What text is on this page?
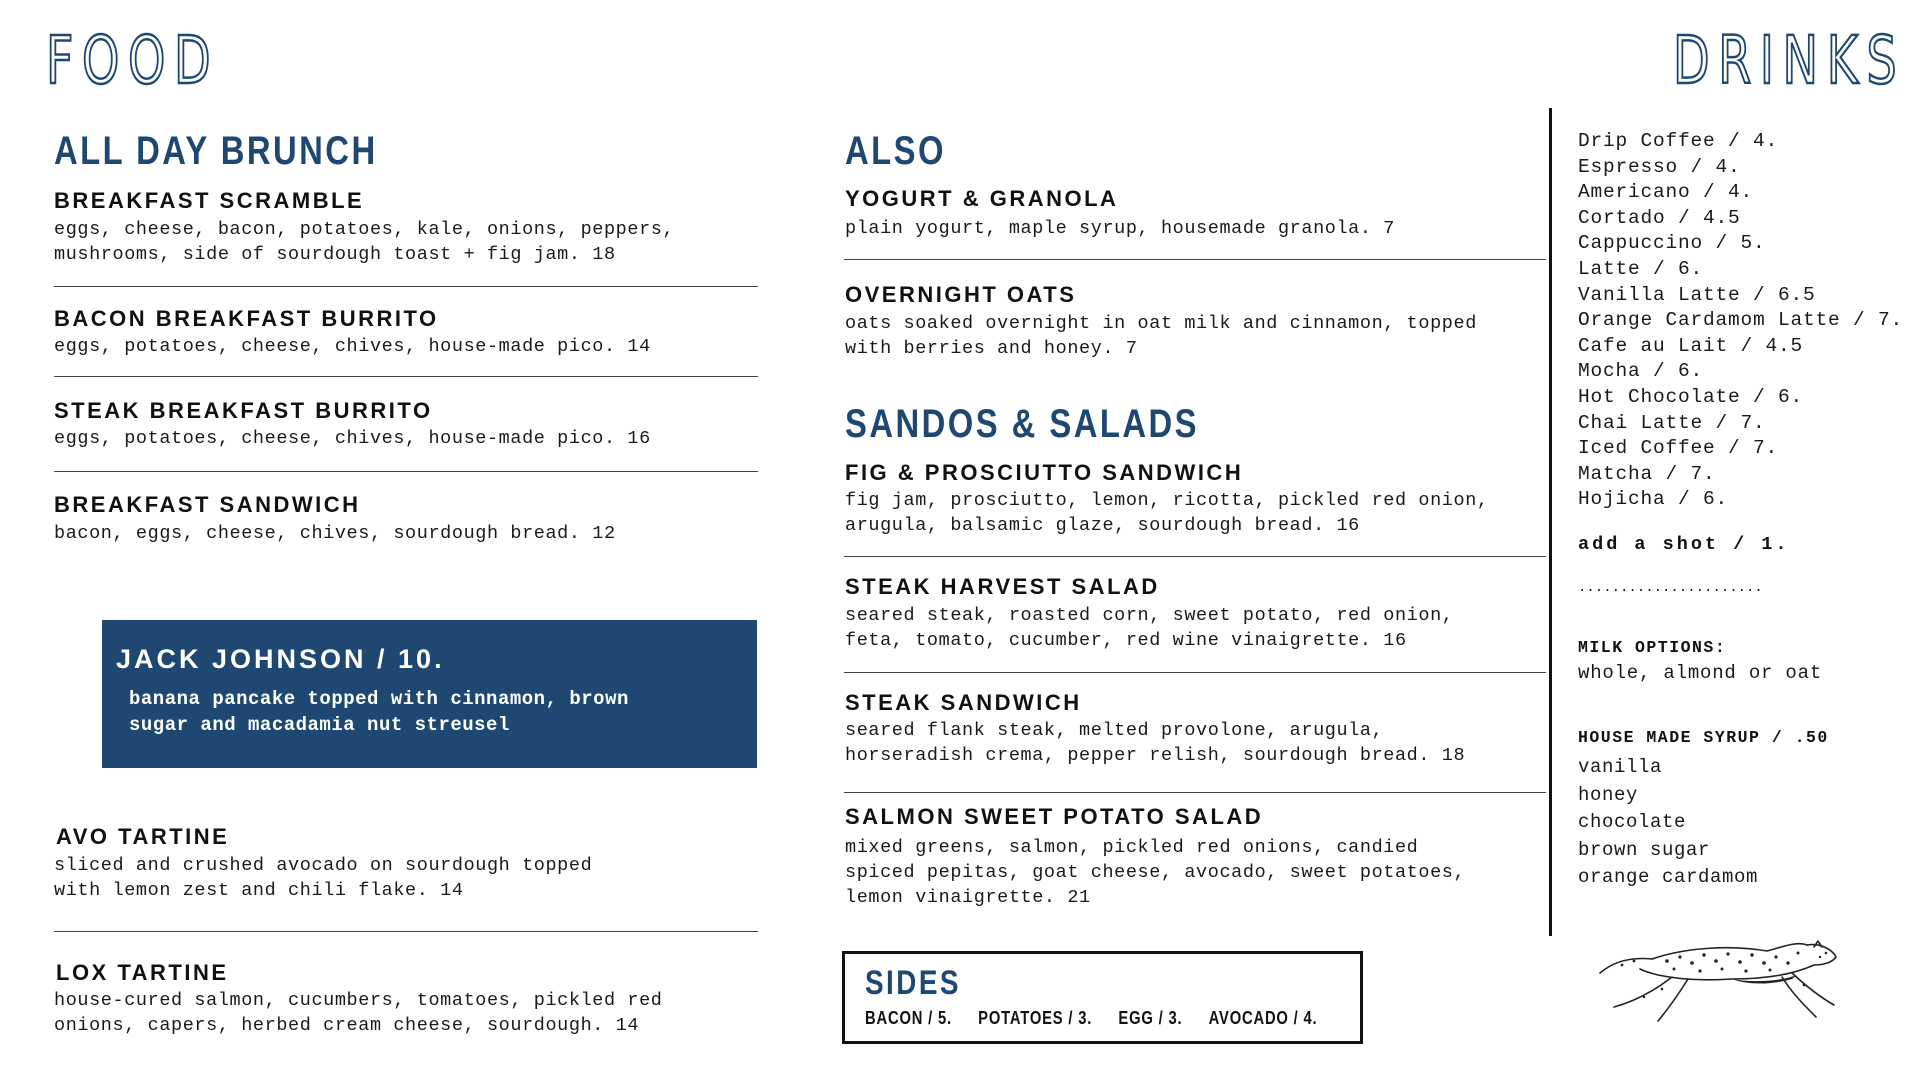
FOOD	DRINKS
ALL DAY BRUNCH
BREAKFAST SCRAMBLE
eggs, cheese, bacon, potatoes, kale, onions, peppers,
mushrooms, side of sourdough toast + fig jam. 18
BACON BREAKFAST BURRITO
eggs, potatoes, cheese, chives, house-made pico. 14
STEAK BREAKFAST BURRITO
eggs, potatoes, cheese, chives, house-made pico. 16
BREAKFAST SANDWICH
bacon, eggs, cheese, chives, sourdough bread. 12
JACK JOHNSON / 10.
banana pancake topped with cinnamon, brown
sugar and macadamia nut streusel
AVO TARTINE
sliced and crushed avocado on sourdough topped
with lemon zest and chili flake. 14
LOX TARTINE
house-cured salmon, cucumbers, tomatoes, pickled red
onions, capers, herbed cream cheese, sourdough. 14
ALSO
YOGURT & GRANOLA
plain yogurt, maple syrup, housemade granola. 7
OVERNIGHT OATS
oats soaked overnight in oat milk and cinnamon, topped
with berries and honey. 7
SANDOS & SALADS
FIG & PROSCIUTTO SANDWICH
fig jam, prosciutto, lemon, ricotta, pickled red onion,
arugula, balsamic glaze, sourdough bread. 16
STEAK HARVEST SALAD
seared steak, roasted corn, sweet potato, red onion,
feta, tomato, cucumber, red wine vinaigrette. 16
STEAK SANDWICH
seared flank steak, melted provolone, arugula,
horseradish crema, pepper relish, sourdough bread. 18
SALMON SWEET POTATO SALAD
mixed greens, salmon, pickled red onions, candied
spiced pepitas, goat cheese, avocado, sweet potatoes,
lemon vinaigrette. 21
SIDES
BACON / 5. POTATOES / 3. EGG / 3. AVOCADO / 4.
Drip Coffee / 4.
Espresso / 4.
Americano / 4.
Cortado / 4.5
Cappuccino / 5.
Latte / 6.
Vanilla Latte / 6.5
Orange Cardamom Latte / 7.
Cafe au Lait / 4.5
Mocha / 6.
Hot Chocolate / 6.
Chai Latte / 7.
Iced Coffee / 7.
Matcha / 7.
Hojicha / 6.
add a shot / 1.
......................
MILK OPTIONS:
whole, almond or oat
HOUSE MADE SYRUP / .50
vanilla
honey
chocolate
brown sugar
orange cardamom
